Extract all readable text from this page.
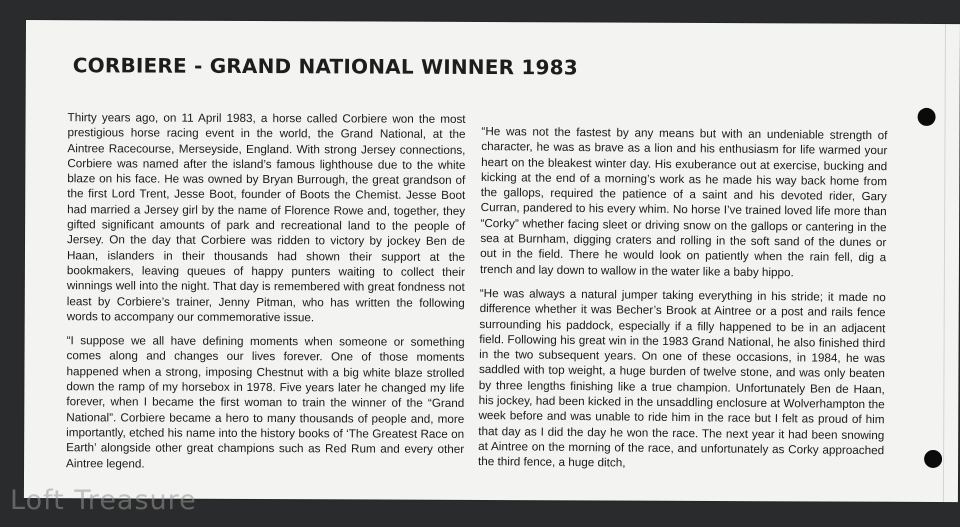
CORBIERE - GRAND NATIONAL WINNER 1983

Thirty years ago, on 11 April 1983, a horse called Corbiere won the most prestigious horse racing event in the world, the Grand National, at the Aintree Racecourse, Merseyside, England. With strong Jersey connections, Corbiere was named after the island’s famous lighthouse due to the white blaze on his face. He was owned by Bryan Burrough, the great grandson of the first Lord Trent, Jesse Boot, founder of Boots the Chemist. Jesse Boot had married a Jersey girl by the name of Florence Rowe and, together, they gifted significant amounts of park and recreational land to the people of Jersey. On the day that Corbiere was ridden to victory by jockey Ben de Haan, islanders in their thousands had shown their support at the bookmakers, leaving queues of happy punters waiting to collect their winnings well into the night. That day is remembered with great fondness not least by Corbiere’s trainer, Jenny Pitman, who has written the following words to accompany our commemorative issue.

“I suppose we all have defining moments when someone or something comes along and changes our lives forever. One of those moments happened when a strong, imposing Chestnut with a big white blaze strolled down the ramp of my horsebox in 1978. Five years later he changed my life forever, when I became the first woman to train the winner of the “Grand National”. Corbiere became a hero to many thousands of people and, more importantly, etched his name into the history books of ‘The Greatest Race on Earth’ alongside other great champions such as Red Rum and every other Aintree legend.

“He was not the fastest by any means but with an undeniable strength of character, he was as brave as a lion and his enthusiasm for life warmed your heart on the bleakest winter day. His exuberance out at exercise, bucking and kicking at the end of a morning’s work as he made his way back home from the gallops, required the patience of a saint and his devoted rider, Gary Curran, pandered to his every whim. No horse I’ve trained loved life more than “Corky” whether facing sleet or driving snow on the gallops or cantering in the sea at Burnham, digging craters and rolling in the soft sand of the dunes or out in the field. There he would look on patiently when the rain fell, dig a trench and lay down to wallow in the water like a baby hippo.

“He was always a natural jumper taking everything in his stride; it made no difference whether it was Becher’s Brook at Aintree or a post and rails fence surrounding his paddock, especially if a filly happened to be in an adjacent field. Following his great win in the 1983 Grand National, he also finished third in the two subsequent years. On one of these occasions, in 1984, he was saddled with top weight, a huge burden of twelve stone, and was only beaten by three lengths finishing like a true champion. Unfortunately Ben de Haan, his jockey, had been kicked in the unsaddling enclosure at Wolverhampton the week before and was unable to ride him in the race but I felt as proud of him that day as I did the day he won the race. The next year it had been snowing at Aintree on the morning of the race, and unfortunately as Corky approached the third fence, a huge ditch,

Loft Treasure
